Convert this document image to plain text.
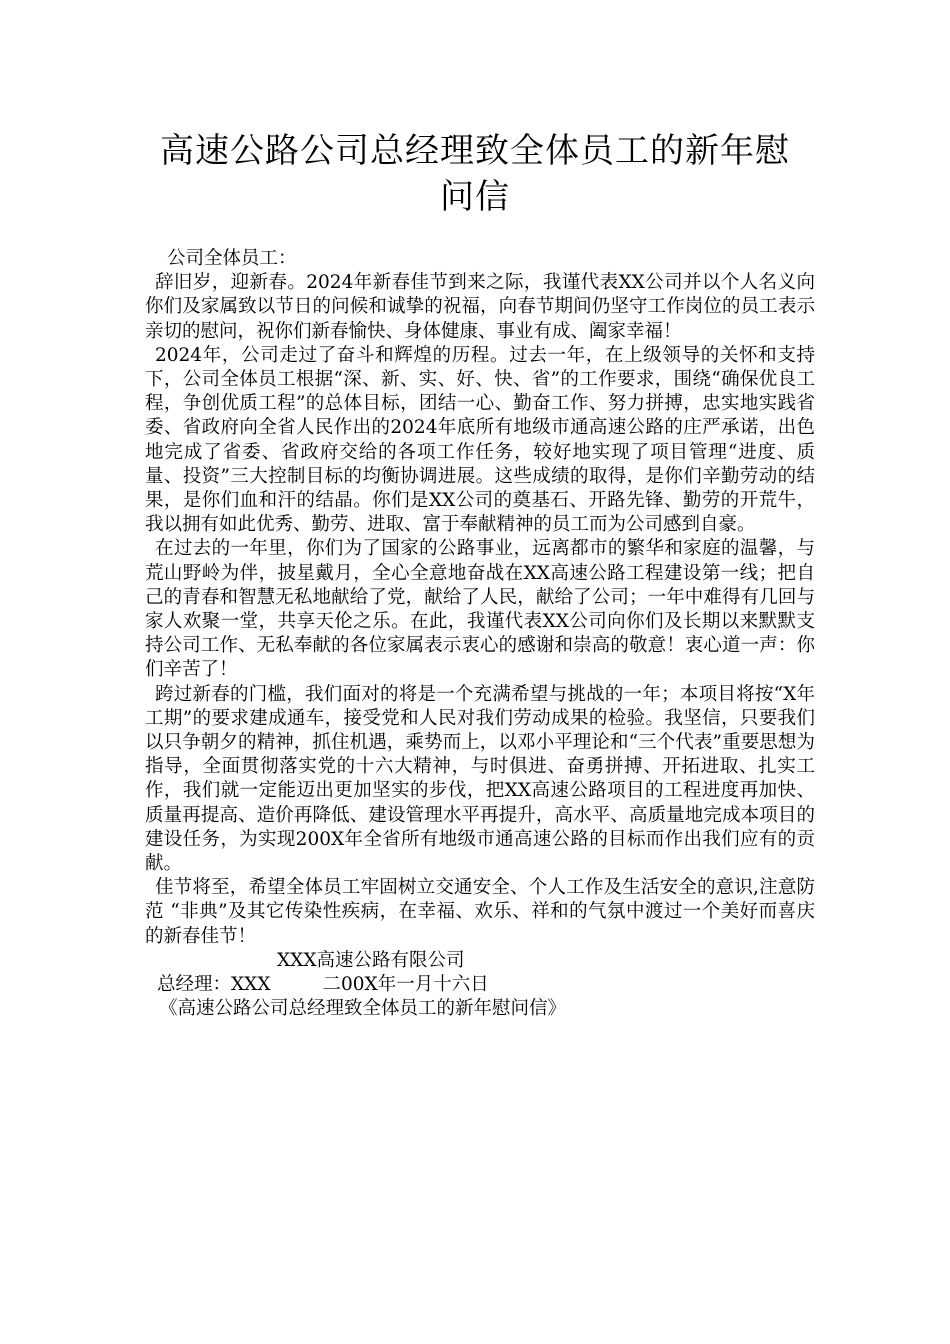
高速公路公司总经理致全体员工的新年慰
问信

公司全体员工：

辞旧岁，迎新春。2024年新春佳节到来之际，我谨代表XX公司并以个人名义向你们及家属致以节日的问候和诚挚的祝福，向春节期间仍坚守工作岗位的员工表示亲切的慰问，祝你们新春愉快、身体健康、事业有成、阖家幸福！

2024年，公司走过了奋斗和辉煌的历程。过去一年，在上级领导的关怀和支持下，公司全体员工根据“深、新、实、好、快、省”的工作要求，围绕“确保优良工程，争创优质工程”的总体目标，团结一心、勤奋工作、努力拼搏，忠实地实践省委、省政府向全省人民作出的2024年底所有地级市通高速公路的庄严承诺，出色地完成了省委、省政府交给的各项工作任务，较好地实现了项目管理“进度、质量、投资”三大控制目标的均衡协调进展。这些成绩的取得，是你们辛勤劳动的结果，是你们血和汗的结晶。你们是XX公司的奠基石、开路先锋、勤劳的开荒牛，我以拥有如此优秀、勤劳、进取、富于奉献精神的员工而为公司感到自豪。

在过去的一年里，你们为了国家的公路事业，远离都市的繁华和家庭的温馨，与荒山野岭为伴，披星戴月，全心全意地奋战在XX高速公路工程建设第一线；把自己的青春和智慧无私地献给了党，献给了人民，献给了公司；一年中难得有几回与家人欢聚一堂，共享天伦之乐。在此，我谨代表XX公司向你们及长期以来默默支持公司工作、无私奉献的各位家属表示衷心的感谢和崇高的敬意！衷心道一声：你们辛苦了！

跨过新春的门槛，我们面对的将是一个充满希望与挑战的一年；本项目将按“X年工期”的要求建成通车，接受党和人民对我们劳动成果的检验。我坚信，只要我们以只争朝夕的精神，抓住机遇，乘势而上，以邓小平理论和“三个代表”重要思想为指导，全面贯彻落实党的十六大精神，与时俱进、奋勇拼搏、开拓进取、扎实工作，我们就一定能迈出更加坚实的步伐，把XX高速公路项目的工程进度再加快、质量再提高、造价再降低、建设管理水平再提升，高水平、高质量地完成本项目的建设任务，为实现200X年全省所有地级市通高速公路的目标而作出我们应有的贡献。

佳节将至，希望全体员工牢固树立交通安全、个人工作及生活安全的意识,注意防范 “非典”及其它传染性疾病，在幸福、欢乐、祥和的气氛中渡过一个美好而喜庆的新春佳节！

XXX高速公路有限公司

总经理：XXX	二00X年一月十六日

《高速公路公司总经理致全体员工的新年慰问信》
